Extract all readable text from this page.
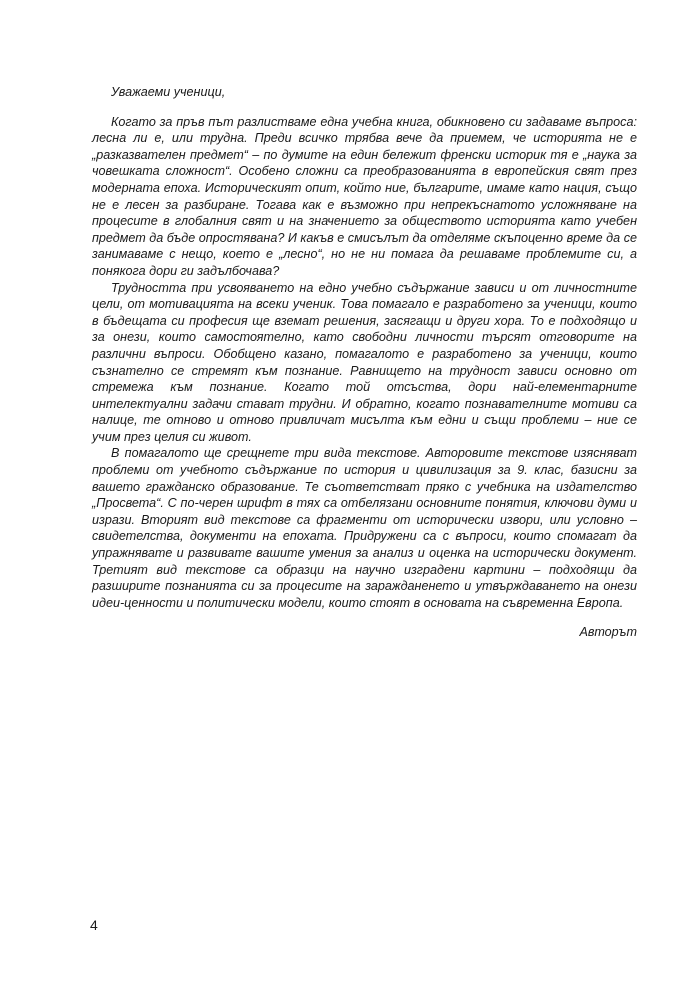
Уважаеми ученици,

Когато за пръв път разлистваме една учебна книга, обикновено си задаваме въпроса: лесна ли е, или трудна. Преди всичко трябва вече да приемем, че историята не е „разказвателен предмет“ – по думите на един бележит френски историк тя е „наука за човешката сложност“. Особено сложни са преобразованията в европейския свят през модерната епоха. Историческият опит, който ние, българите, имаме като нация, също не е лесен за разбиране. Тогава как е възможно при непрекъснатото усложняване на процесите в глобалния свят и на значението за обществото историята като учебен предмет да бъде опростявана? И какъв е смисълът да отделяме скъпоценно време да се занимаваме с нещо, което е „лесно“, но не ни помага да решаваме проблемите си, а понякога дори ги задълбочава?

Трудността при усвояването на едно учебно съдържание зависи и от личностните цели, от мотивацията на всеки ученик. Това помагало е разработено за ученици, които в бъдещата си професия ще вземат решения, засягащи и други хора. То е подходящо и за онези, които самостоятелно, като свободни личности търсят отговорите на различни въпроси. Обобщено казано, помагалото е разработено за ученици, които съзнателно се стремят към познание. Равнището на трудност зависи основно от стремежа към познание. Когато той отсъства, дори най-елементарните интелектуални задачи стават трудни. И обратно, когато познавателните мотиви са налице, те отново и отново привличат мисълта към едни и същи проблеми – ние се учим през целия си живот.

В помагалото ще срещнете три вида текстове. Авторовите текстове изясняват проблеми от учебното съдържание по история и цивилизация за 9. клас, базисни за вашето гражданско образование. Те съответстват пряко с учебника на издателство „Просвета“. С по-черен шрифт в тях са отбелязани основните понятия, ключови думи и изрази. Вторият вид текстове са фрагменти от исторически извори, или условно – свидетелства, документи на епохата. Придружени са с въпроси, които спомагат да упражнявате и развивате вашите умения за анализ и оценка на исторически документ. Третият вид текстове са образци на научно изградени картини – подходящи да разширите познанията си за процесите на заражданенето и утвърждаването на онези идеи-ценности и политически модели, които стоят в основата на съвременна Европа.

Авторът

4
